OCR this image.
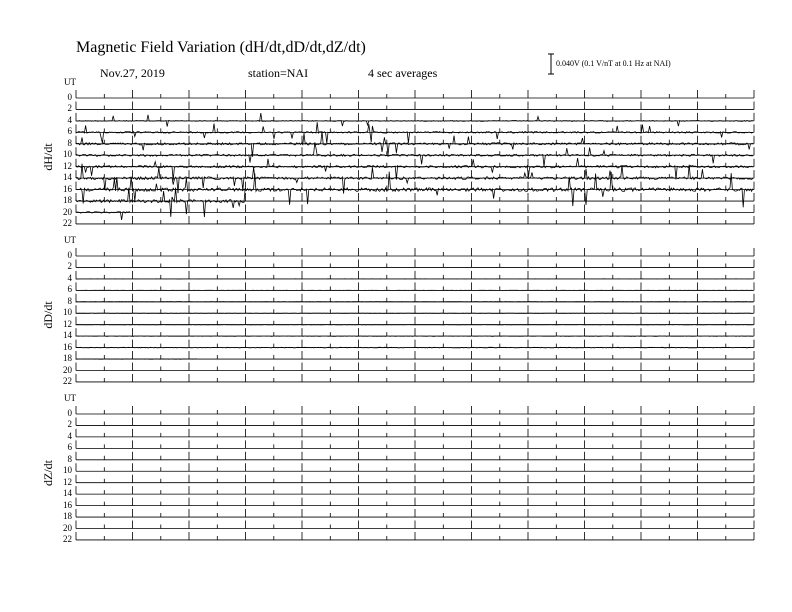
Magnetic Field Variation (dH/dt,dD/dt,dZ/dt)
Nov.27, 2019	station=NAI	4 sec averages
0.040V (0.1 V/nT at 0.1 Hz at NAI)
UT
UT
UT
dH/dt
dD/dt
dZ/dt
0
2
4
6
8
10
12
14
16
18
20
22
0
2
4
6
8
10
12
14
16
18
20
22
0
2
4
6
8
10
12
14
16
18
20
22
